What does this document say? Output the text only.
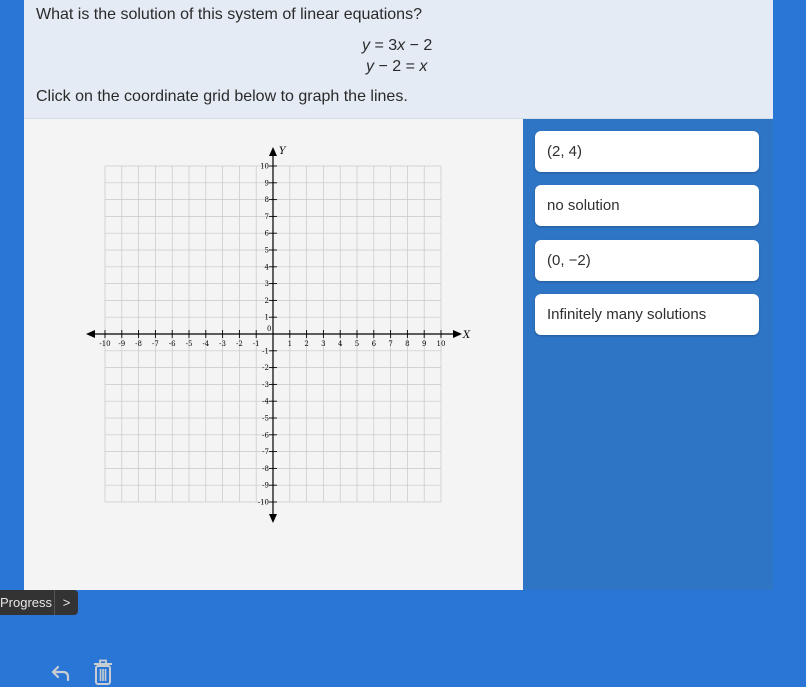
What is the solution of this system of linear equations?
y = 3x − 2
y − 2 = x
Click on the coordinate grid below to graph the lines.
X
Y
-10 -9 -8 -7 -6 -5 -4 -3 -2 -1	1 2 3 4 5 6 7 8 9 10
-10
-9
-8
-7
-6
-5
-4
-3
-2
-1
1
2
3
4
5
6
7
8
9
10
0
(2, 4)
no solution
(0, −2)
Infinitely many solutions
Progress >
